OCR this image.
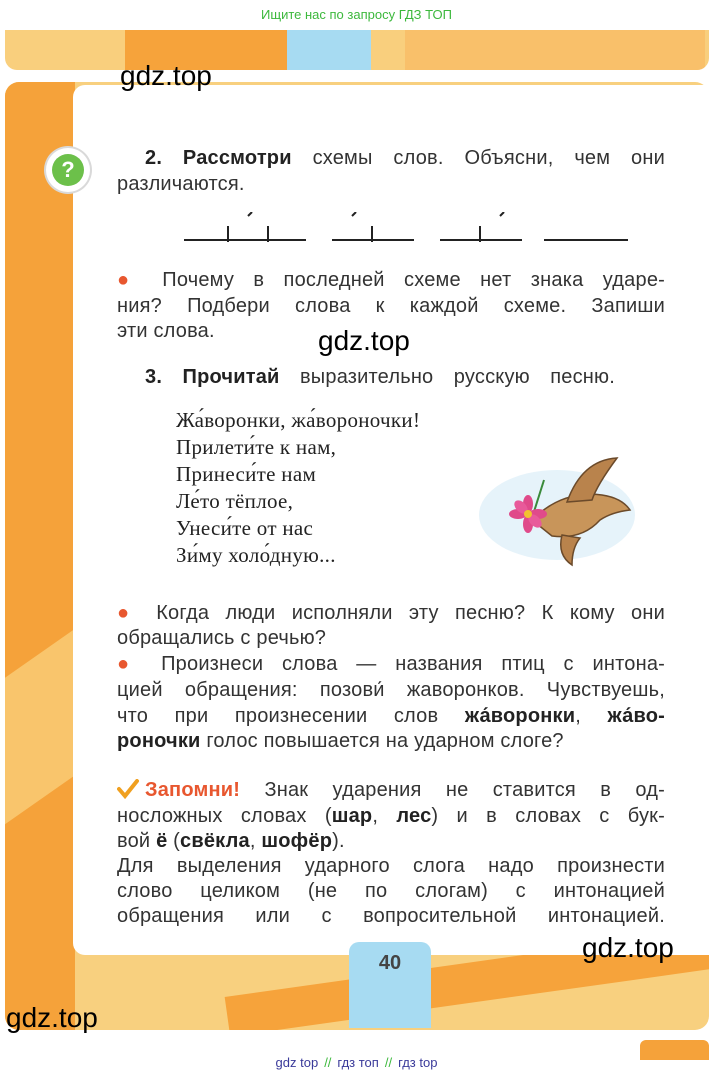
Ищите нас по запросу ГДЗ ТОП
gdz.top
?	2. Рассмотри схемы слов. Объясни, чем они
различаются.
● Почему в последней схеме нет знака ударе-
ния? Подбери слова к каждой схеме. Запиши
эти слова.	gdz.top
3. Прочитай выразительно русскую песню.
Жа́воронки, жа́вороночки!
Прилети́те к нам,
Принеси́те нам
Ле́то тёплое,
Унеси́те от нас
Зи́му холо́дную...
● Когда люди исполняли эту песню? К кому они
обращались с речью?
● Произнеси слова — названия птиц с интона-
цией обращения: позови́ жаворонков. Чувствуешь,
что при произнесении слов жа́воронки, жа́во-
роночки голос повышается на ударном слоге?
Запомни! Знак ударения не ставится в од-
носложных словах (шар, лес) и в словах с бук-
вой ё (свёкла, шофёр).
Для выделения ударного слога надо произнести
слово целиком (не по слогам) с интонацией
обращения или с вопросительной интонацией.
40	gdz.top
gdz.top
gdz top // гдз топ // гдз top
